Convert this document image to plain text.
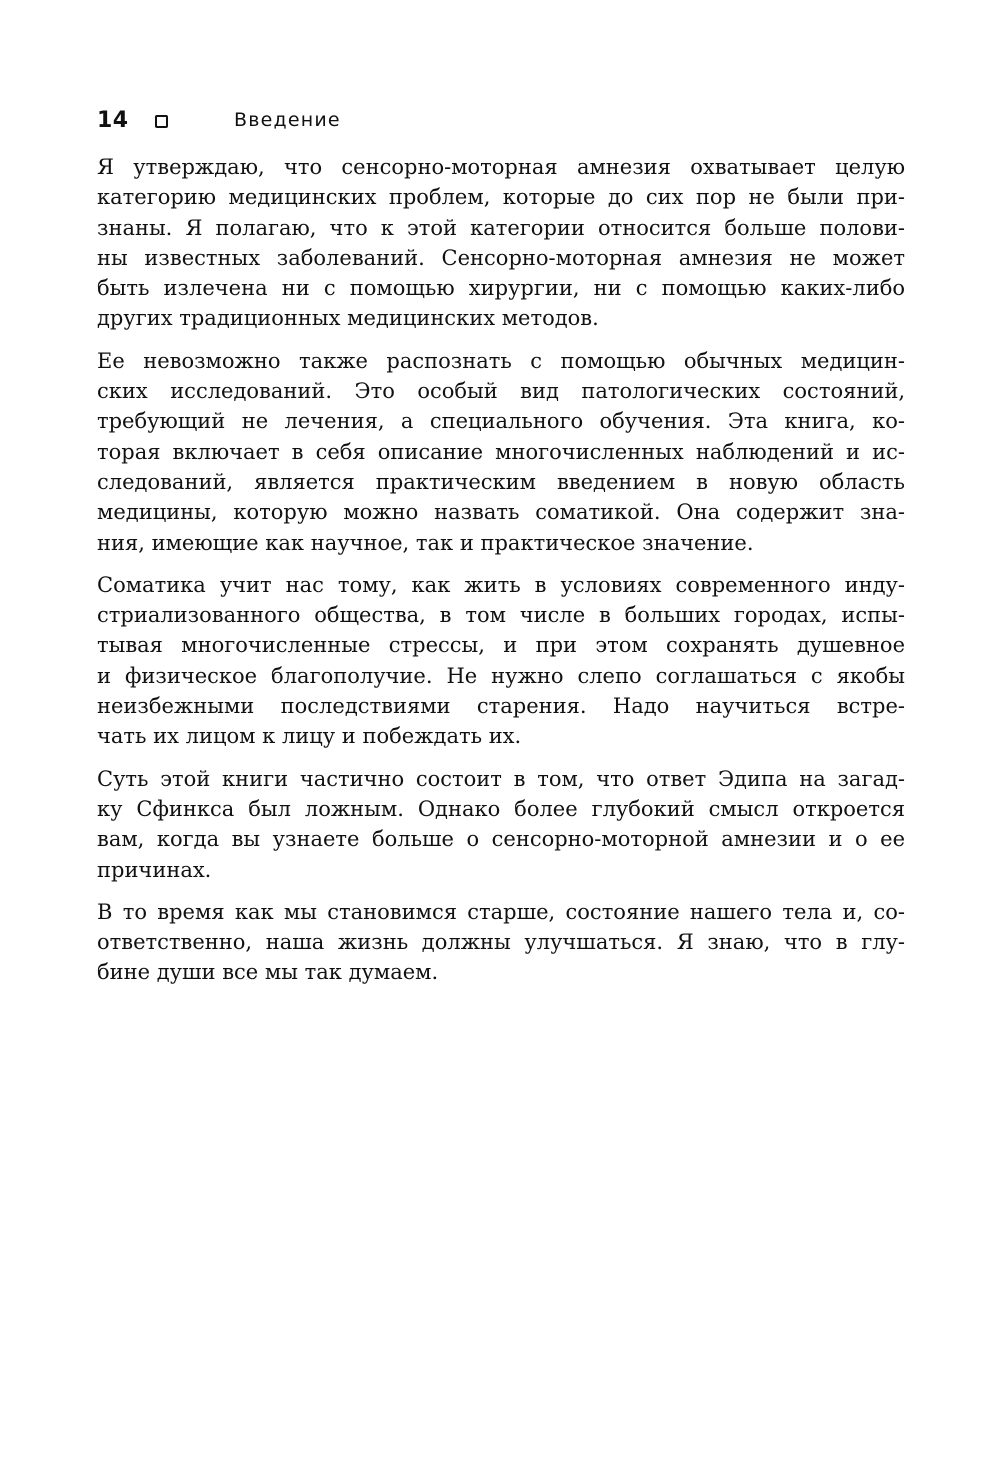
14	Введение

Я утверждаю, что сенсорно-моторная амнезия охватывает целую
категорию медицинских проблем, которые до сих пор не были при-
знаны. Я полагаю, что к этой категории относится больше полови-
ны известных заболеваний. Сенсорно-моторная амнезия не может
быть излечена ни с помощью хирургии, ни с помощью каких-либо
других традиционных медицинских методов.

Ее невозможно также распознать с помощью обычных медицин-
ских исследований. Это особый вид патологических состояний,
требующий не лечения, а специального обучения. Эта книга, ко-
торая включает в себя описание многочисленных наблюдений и ис-
следований, является практическим введением в новую область
медицины, которую можно назвать соматикой. Она содержит зна-
ния, имеющие как научное, так и практическое значение.

Соматика учит нас тому, как жить в условиях современного инду-
стриализованного общества, в том числе в больших городах, испы-
тывая многочисленные стрессы, и при этом сохранять душевное
и физическое благополучие. Не нужно слепо соглашаться с якобы
неизбежными последствиями старения. Надо научиться встре-
чать их лицом к лицу и побеждать их.

Суть этой книги частично состоит в том, что ответ Эдипа на загад-
ку Сфинкса был ложным. Однако более глубокий смысл откроется
вам, когда вы узнаете больше о сенсорно-моторной амнезии и о ее
причинах.

В то время как мы становимся старше, состояние нашего тела и, со-
ответственно, наша жизнь должны улучшаться. Я знаю, что в глу-
бине души все мы так думаем.
